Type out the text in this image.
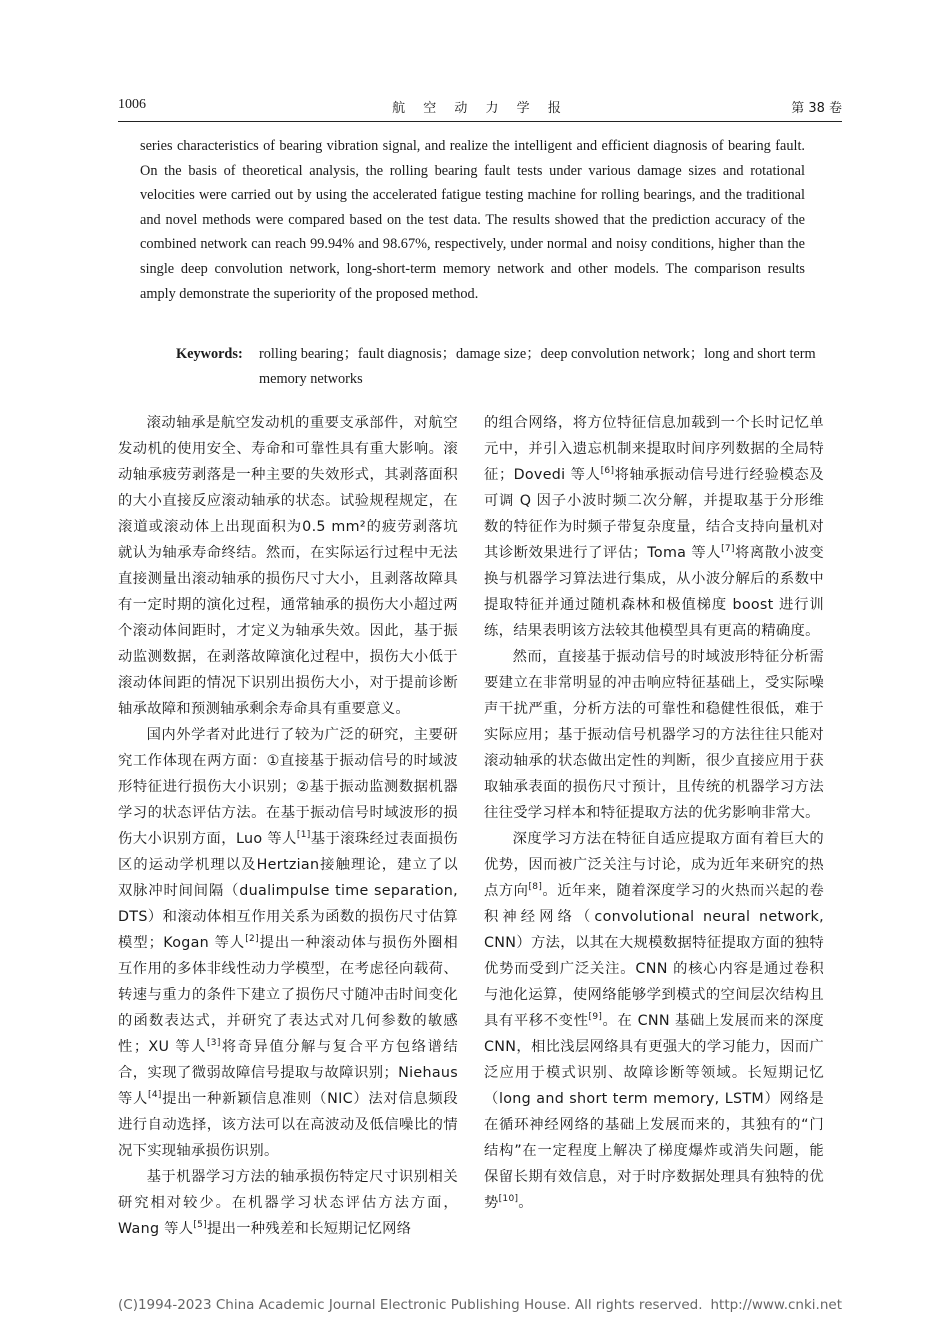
1006	航 空 动 力 学 报	第 38 卷

series characteristics of bearing vibration signal, and realize the intelligent and efficient diagnosis of bearing fault. On the basis of theoretical analysis, the rolling bearing fault tests under various damage sizes and rotational velocities were carried out by using the accelerated fatigue testing machine for rolling bearings, and the traditional and novel methods were compared based on the test data. The results showed that the prediction accuracy of the combined network can reach 99.94% and 98.67%, respectively, under normal and noisy conditions, higher than the single deep convolution network, long-short-term memory network and other models. The comparison results amply demonstrate the superiority of the proposed method.

Keywords: rolling bearing；fault diagnosis；damage size；deep convolution network；long and short term memory networks

滚动轴承是航空发动机的重要支承部件，对航空发动机的使用安全、寿命和可靠性具有重大影响。滚动轴承疲劳剥落是一种主要的失效形式，其剥落面积的大小直接反应滚动轴承的状态。试验规程规定，在滚道或滚动体上出现面积为0.5 mm²的疲劳剥落坑就认为轴承寿命终结。然而，在实际运行过程中无法直接测量出滚动轴承的损伤尺寸大小，且剥落故障具有一定时期的演化过程，通常轴承的损伤大小超过两个滚动体间距时，才定义为轴承失效。因此，基于振动监测数据，在剥落故障演化过程中，损伤大小低于滚动体间距的情况下识别出损伤大小，对于提前诊断轴承故障和预测轴承剩余寿命具有重要意义。

国内外学者对此进行了较为广泛的研究，主要研究工作体现在两方面：①直接基于振动信号的时域波形特征进行损伤大小识别；②基于振动监测数据机器学习的状态评估方法。在基于振动信号时域波形的损伤大小识别方面，Luo 等人[1]基于滚珠经过表面损伤区的运动学机理以及Hertzian接触理论，建立了以双脉冲时间间隔（dualimpulse time separation, DTS）和滚动体相互作用关系为函数的损伤尺寸估算模型；Kogan 等人[2]提出一种滚动体与损伤外圈相互作用的多体非线性动力学模型，在考虑径向载荷、转速与重力的条件下建立了损伤尺寸随冲击时间变化的函数表达式，并研究了表达式对几何参数的敏感性；XU 等人[3]将奇异值分解与复合平方包络谱结合，实现了微弱故障信号提取与故障识别；Niehaus 等人[4]提出一种新颖信息准则（NIC）法对信息频段进行自动选择，该方法可以在高波动及低信噪比的情况下实现轴承损伤识别。

基于机器学习方法的轴承损伤特定尺寸识别相关研究相对较少。在机器学习状态评估方法方面，Wang 等人[5]提出一种残差和长短期记忆网络

的组合网络，将方位特征信息加载到一个长时记忆单元中，并引入遗忘机制来提取时间序列数据的全局特征；Dovedi 等人[6]将轴承振动信号进行经验模态及可调 Q 因子小波时频二次分解，并提取基于分形维数的特征作为时频子带复杂度量，结合支持向量机对其诊断效果进行了评估；Toma 等人[7]将离散小波变换与机器学习算法进行集成，从小波分解后的系数中提取特征并通过随机森林和极值梯度 boost 进行训练，结果表明该方法较其他模型具有更高的精确度。

然而，直接基于振动信号的时域波形特征分析需要建立在非常明显的冲击响应特征基础上，受实际噪声干扰严重，分析方法的可靠性和稳健性很低，难于实际应用；基于振动信号机器学习的方法往往只能对滚动轴承的状态做出定性的判断，很少直接应用于获取轴承表面的损伤尺寸预计，且传统的机器学习方法往往受学习样本和特征提取方法的优劣影响非常大。

深度学习方法在特征自适应提取方面有着巨大的优势，因而被广泛关注与讨论，成为近年来研究的热点方向[8]。近年来，随着深度学习的火热而兴起的卷积神经网络（convolutional neural network, CNN）方法，以其在大规模数据特征提取方面的独特优势而受到广泛关注。CNN 的核心内容是通过卷积与池化运算，使网络能够学到模式的空间层次结构且具有平移不变性[9]。在 CNN 基础上发展而来的深度 CNN，相比浅层网络具有更强大的学习能力，因而广泛应用于模式识别、故障诊断等领域。长短期记忆（long and short term memory, LSTM）网络是在循环神经网络的基础上发展而来的，其独有的“门结构”在一定程度上解决了梯度爆炸或消失问题，能保留长期有效信息，对于时序数据处理具有独特的优势[10]。

(C)1994-2023 China Academic Journal Electronic Publishing House. All rights reserved. http://www.cnki.net
